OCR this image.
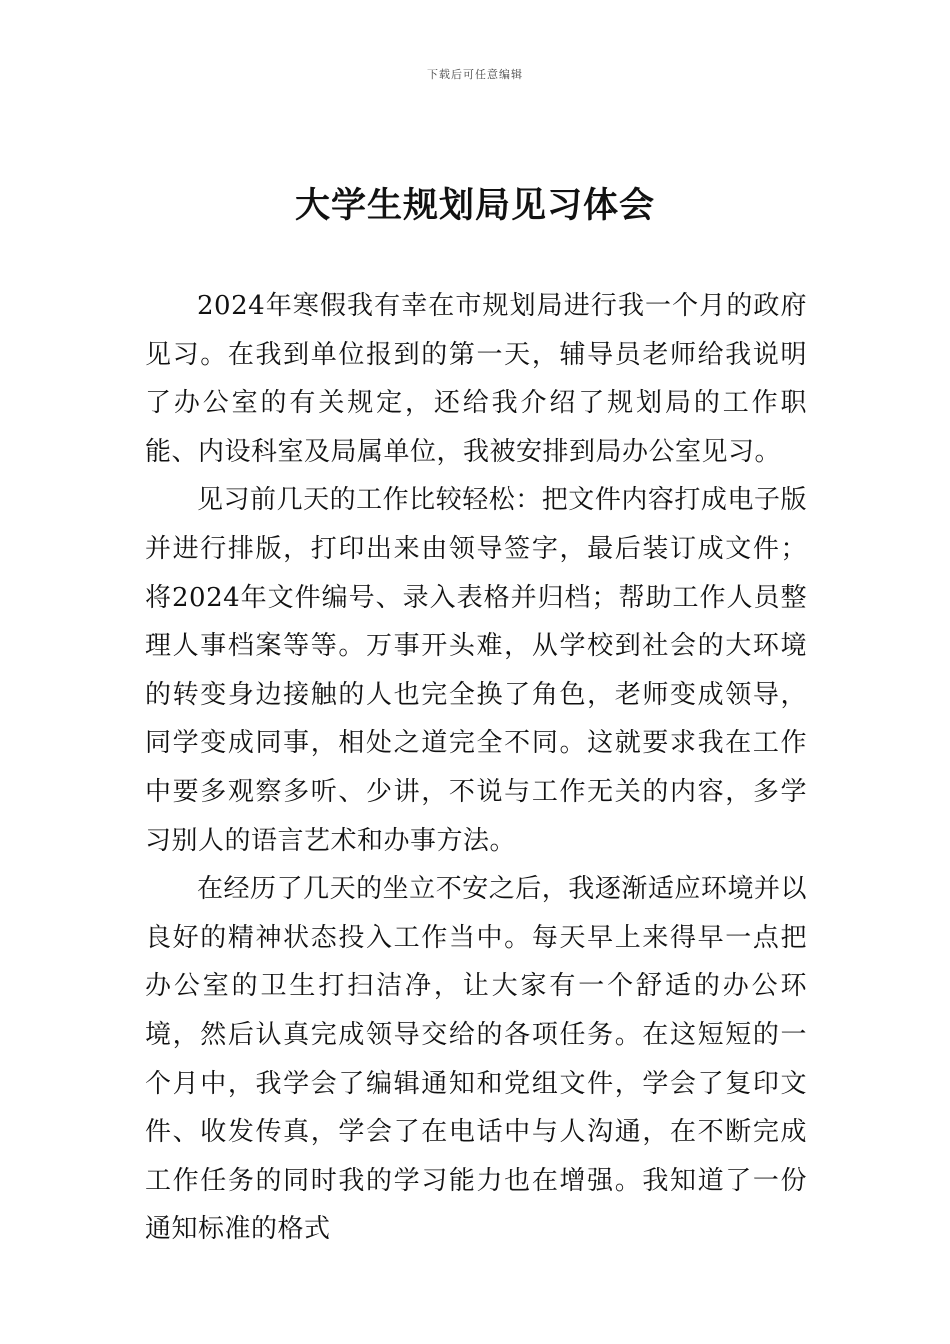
下载后可任意编辑
大学生规划局见习体会

2024年寒假我有幸在市规划局进行我一个月的政府见习。在我到单位报到的第一天，辅导员老师给我说明了办公室的有关规定，还给我介绍了规划局的工作职能、内设科室及局属单位，我被安排到局办公室见习。

见习前几天的工作比较轻松：把文件内容打成电子版并进行排版，打印出来由领导签字，最后装订成文件；将2024年文件编号、录入表格并归档；帮助工作人员整理人事档案等等。万事开头难，从学校到社会的大环境的转变身边接触的人也完全换了角色，老师变成领导，同学变成同事，相处之道完全不同。这就要求我在工作中要多观察多听、少讲，不说与工作无关的内容，多学习别人的语言艺术和办事方法。

在经历了几天的坐立不安之后，我逐渐适应环境并以良好的精神状态投入工作当中。每天早上来得早一点把办公室的卫生打扫洁净，让大家有一个舒适的办公环境，然后认真完成领导交给的各项任务。在这短短的一个月中，我学会了编辑通知和党组文件，学会了复印文件、收发传真，学会了在电话中与人沟通，在不断完成工作任务的同时我的学习能力也在增强。我知道了一份通知标准的格式
